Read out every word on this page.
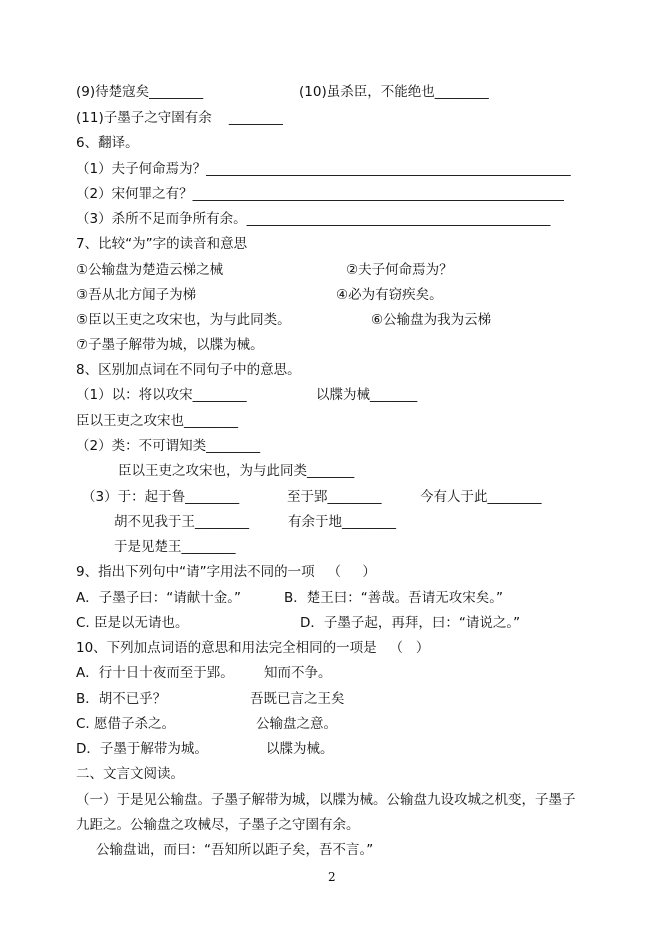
(9)待楚寇矣________	(10)虽杀臣，不能绝也________
(11)子墨子之守圉有余    ________
6、翻译。
（1）夫子何命焉为？______________________________________________________
（2）宋何罪之有？_______________________________________________________
（3）杀所不足而争所有余。_____________________________________________
7、比较“为”字的读音和意思
①公输盘为楚造云梯之械	②夫子何命焉为？
③吾从北方闻子为梯	④必为有窃疾矣。
⑤臣以王吏之攻宋也，为与此同类。	⑥公输盘为我为云梯
⑦子墨子解带为城，以牒为械。
8、区别加点词在不同句子中的意思。
（1）以：将以攻宋________	以牒为械_______
臣以王吏之攻宋也________
（2）类：不可谓知类________
臣以王吏之攻宋也，为与此同类_______
（3）于：起于鲁________	至于郢________	今有人于此________
胡不见我于王________	有余于地________
于是见楚王________
9、指出下列句中“请”字用法不同的一项   （     ）
A．子墨子曰：“请献十金。”	B．楚王曰：“善哉。吾请无攻宋矣。”
C. 臣是以无请也。	D．子墨子起，再拜，曰：“请说之。”
10、下列加点词语的意思和用法完全相同的一项是   （   ）
A．行十日十夜而至于郢。 知而不争。
B．胡不已乎？	吾既已言之王矣
C. 愿借子杀之。	公输盘之意。
D．子墨于解带为城。	以牒为械。
二、文言文阅读。
（一）于是见公输盘。子墨子解带为城，以牒为械。公输盘九设攻城之机变，子墨子
九距之。公输盘之攻械尽，子墨子之守圉有余。
公输盘诎，而曰：“吾知所以距子矣，吾不言。”
2
